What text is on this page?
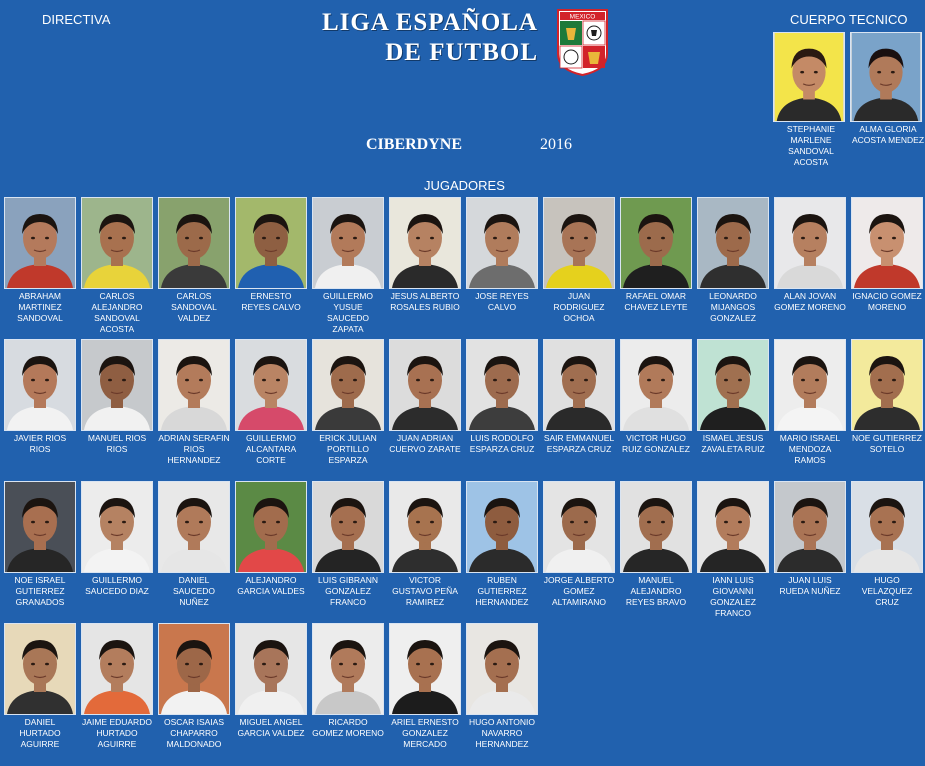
DIRECTIVA	LIGA ESPAÑOLA
DE FUTBOL
MEXICO	CUERPO TECNICO
STEPHANIE MARLENE SANDOVAL ACOSTA
ALMA GLORIA ACOSTA MENDEZ
CIBERDYNE	2016
JUGADORES
ABRAHAM MARTINEZ SANDOVAL
CARLOS ALEJANDRO SANDOVAL ACOSTA
CARLOS SANDOVAL VALDEZ
ERNESTO REYES CALVO
GUILLERMO YUSUE SAUCEDO ZAPATA
JESUS ALBERTO ROSALES RUBIO
JOSE REYES CALVO
JUAN RODRIGUEZ OCHOA
RAFAEL OMAR CHAVEZ LEYTE
LEONARDO MIJANGOS GONZALEZ
ALAN JOVAN GOMEZ MORENO
IGNACIO GOMEZ MORENO
JAVIER RIOS RIOS
MANUEL RIOS RIOS
ADRIAN SERAFIN RIOS HERNANDEZ
GUILLERMO ALCANTARA CORTE
ERICK JULIAN PORTILLO ESPARZA
JUAN ADRIAN CUERVO ZARATE
LUIS RODOLFO ESPARZA CRUZ
SAIR EMMANUEL ESPARZA CRUZ
VICTOR HUGO RUIZ GONZALEZ
ISMAEL JESUS ZAVALETA RUIZ
MARIO ISRAEL MENDOZA RAMOS
NOE GUTIERREZ SOTELO
NOE ISRAEL GUTIERREZ GRANADOS
GUILLERMO SAUCEDO DIAZ
DANIEL SAUCEDO NUÑEZ
ALEJANDRO GARCIA VALDES
LUIS GIBRANN GONZALEZ FRANCO
VICTOR GUSTAVO PEÑA RAMIREZ
RUBEN GUTIERREZ HERNANDEZ
JORGE ALBERTO GOMEZ ALTAMIRANO
MANUEL ALEJANDRO REYES BRAVO
IANN LUIS GIOVANNI GONZALEZ FRANCO
JUAN LUIS RUEDA NUÑEZ
HUGO VELAZQUEZ CRUZ
DANIEL HURTADO AGUIRRE
JAIME EDUARDO HURTADO AGUIRRE
OSCAR ISAIAS CHAPARRO MALDONADO
MIGUEL ANGEL GARCIA VALDEZ
RICARDO GOMEZ MORENO
ARIEL ERNESTO GONZALEZ MERCADO
HUGO ANTONIO NAVARRO HERNANDEZ
